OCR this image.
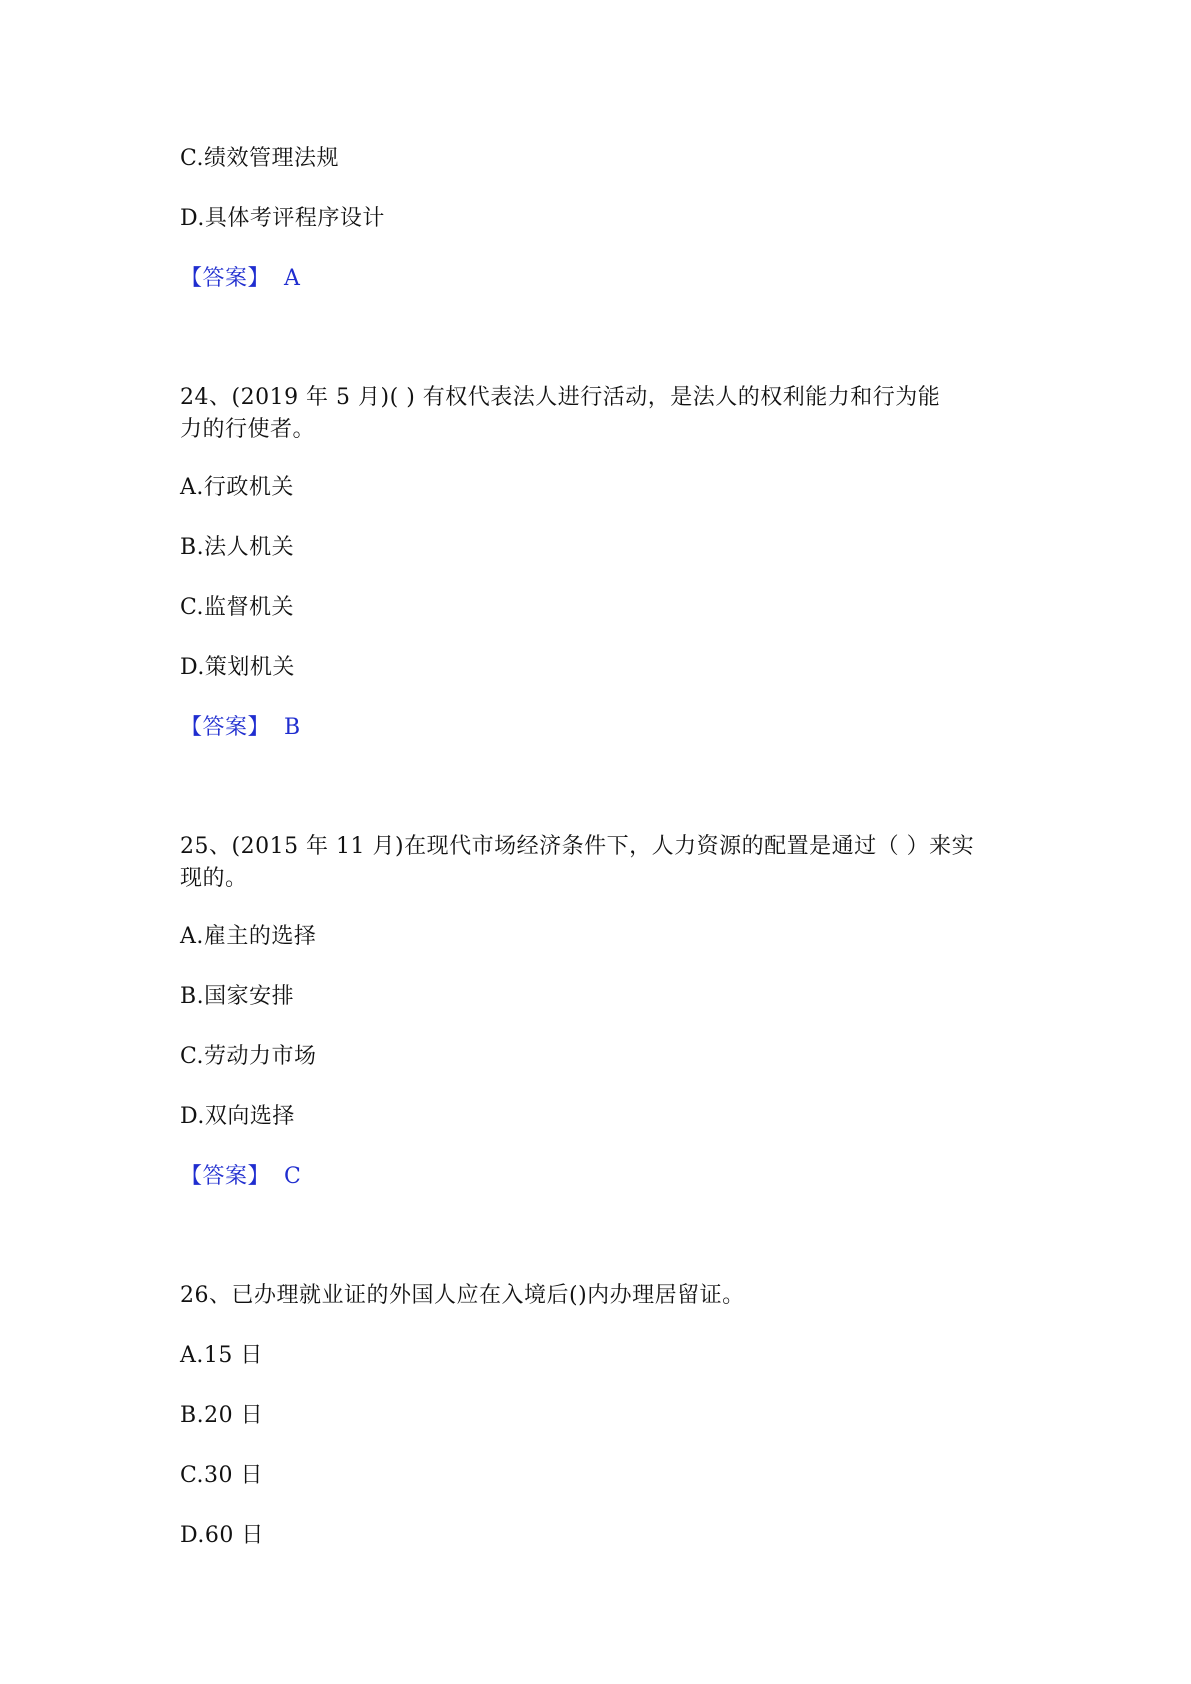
C.绩效管理法规
D.具体考评程序设计
【答案】 A
24、(2019 年 5 月)( ) 有权代表法人进行活动，是法人的权利能力和行为能
力的行使者。
A.行政机关
B.法人机关
C.监督机关
D.策划机关
【答案】 B
25、(2015 年 11 月)在现代市场经济条件下，人力资源的配置是通过（ ）来实
现的。
A.雇主的选择
B.国家安排
C.劳动力市场
D.双向选择
【答案】 C
26、已办理就业证的外国人应在入境后()内办理居留证。
A.15 日
B.20 日
C.30 日
D.60 日
